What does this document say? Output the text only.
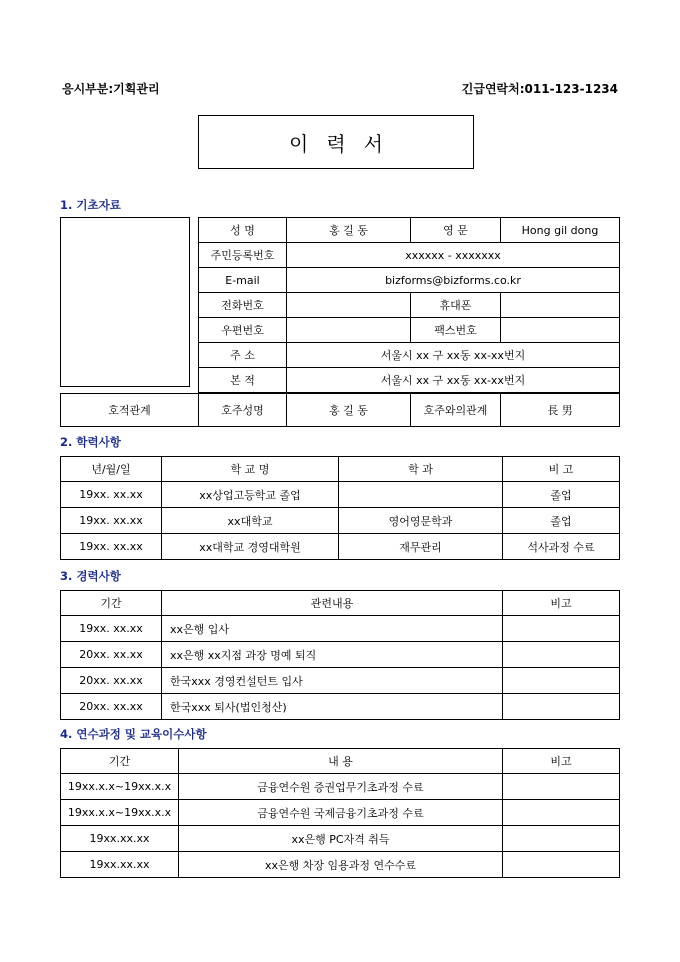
응시부분:기획관리	긴급연락처:011-123-1234
이력서
1. 기초자료
성 명	홍 길 동	영 문	Hong gil dong
주민등록번호	xxxxxx - xxxxxxx		
E-mail	bizforms@bizforms.co.kr		
전화번호		휴대폰	
우편번호		팩스번호	
주 소	서울시 xx 구 xx동 xx-xx번지		
본 적	서울시 xx 구 xx동 xx-xx번지		
호적관계	호주성명	홍 길 동	호주와의관계	長 男
2. 학력사항
년/월/일	학 교 명	학 과	비 고
19xx. xx.xx	xx상업고등학교 졸업		졸업
19xx. xx.xx	xx대학교	영어영문학과	졸업
19xx. xx.xx	xx대학교 경영대학원	재무관리	석사과정 수료
3. 경력사항
기간	관련내용	비고
19xx. xx.xx	xx은행 입사	
20xx. xx.xx	xx은행 xx지점 과장 명예 퇴직	
20xx. xx.xx	한국xxx 경영컨설턴트 입사	
20xx. xx.xx	한국xxx 퇴사(법인청산)	
4. 연수과정 및 교육이수사항
기간	내 용	비고
19xx.x.x~19xx.x.x	금융연수원 증권업무기초과정 수료	
19xx.x.x~19xx.x.x	금융연수원 국제금융기초과정 수료	
19xx.xx.xx	xx은행 PC자격 취득	
19xx.xx.xx	xx은행 차장 임용과정 연수수료	
